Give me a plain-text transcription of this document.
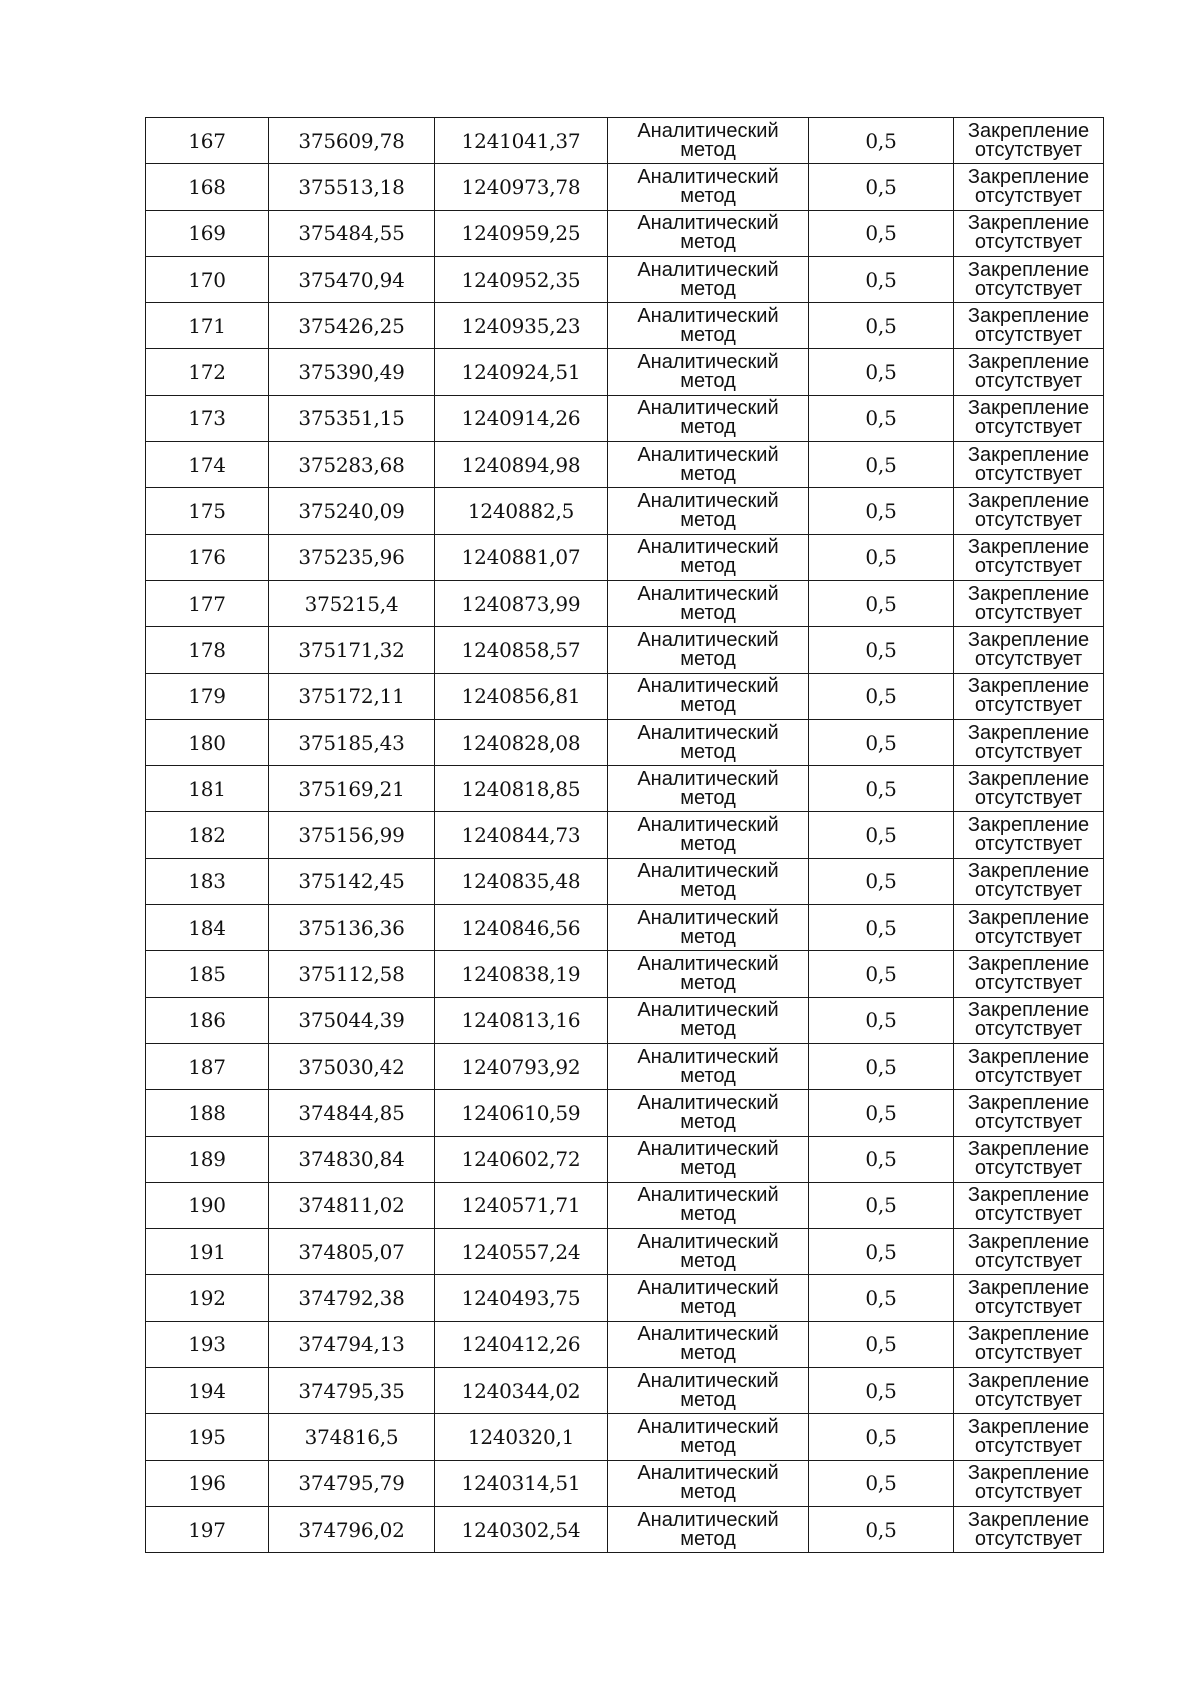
167	375609,78	1241041,37	Аналитический
метод	0,5	Закрепление
отсутствует

168	375513,18	1240973,78	Аналитический
метод	0,5	Закрепление
отсутствует

169	375484,55	1240959,25	Аналитический
метод	0,5	Закрепление
отсутствует

170	375470,94	1240952,35	Аналитический
метод	0,5	Закрепление
отсутствует

171	375426,25	1240935,23	Аналитический
метод	0,5	Закрепление
отсутствует

172	375390,49	1240924,51	Аналитический
метод	0,5	Закрепление
отсутствует

173	375351,15	1240914,26	Аналитический
метод	0,5	Закрепление
отсутствует

174	375283,68	1240894,98	Аналитический
метод	0,5	Закрепление
отсутствует

175	375240,09	1240882,5	Аналитический
метод	0,5	Закрепление
отсутствует

176	375235,96	1240881,07	Аналитический
метод	0,5	Закрепление
отсутствует

177	375215,4	1240873,99	Аналитический
метод	0,5	Закрепление
отсутствует

178	375171,32	1240858,57	Аналитический
метод	0,5	Закрепление
отсутствует

179	375172,11	1240856,81	Аналитический
метод	0,5	Закрепление
отсутствует

180	375185,43	1240828,08	Аналитический
метод	0,5	Закрепление
отсутствует

181	375169,21	1240818,85	Аналитический
метод	0,5	Закрепление
отсутствует

182	375156,99	1240844,73	Аналитический
метод	0,5	Закрепление
отсутствует

183	375142,45	1240835,48	Аналитический
метод	0,5	Закрепление
отсутствует

184	375136,36	1240846,56	Аналитический
метод	0,5	Закрепление
отсутствует

185	375112,58	1240838,19	Аналитический
метод	0,5	Закрепление
отсутствует

186	375044,39	1240813,16	Аналитический
метод	0,5	Закрепление
отсутствует

187	375030,42	1240793,92	Аналитический
метод	0,5	Закрепление
отсутствует

188	374844,85	1240610,59	Аналитический
метод	0,5	Закрепление
отсутствует

189	374830,84	1240602,72	Аналитический
метод	0,5	Закрепление
отсутствует

190	374811,02	1240571,71	Аналитический
метод	0,5	Закрепление
отсутствует

191	374805,07	1240557,24	Аналитический
метод	0,5	Закрепление
отсутствует

192	374792,38	1240493,75	Аналитический
метод	0,5	Закрепление
отсутствует

193	374794,13	1240412,26	Аналитический
метод	0,5	Закрепление
отсутствует

194	374795,35	1240344,02	Аналитический
метод	0,5	Закрепление
отсутствует

195	374816,5	1240320,1	Аналитический
метод	0,5	Закрепление
отсутствует

196	374795,79	1240314,51	Аналитический
метод	0,5	Закрепление
отсутствует

197	374796,02	1240302,54	Аналитический
метод	0,5	Закрепление
отсутствует
